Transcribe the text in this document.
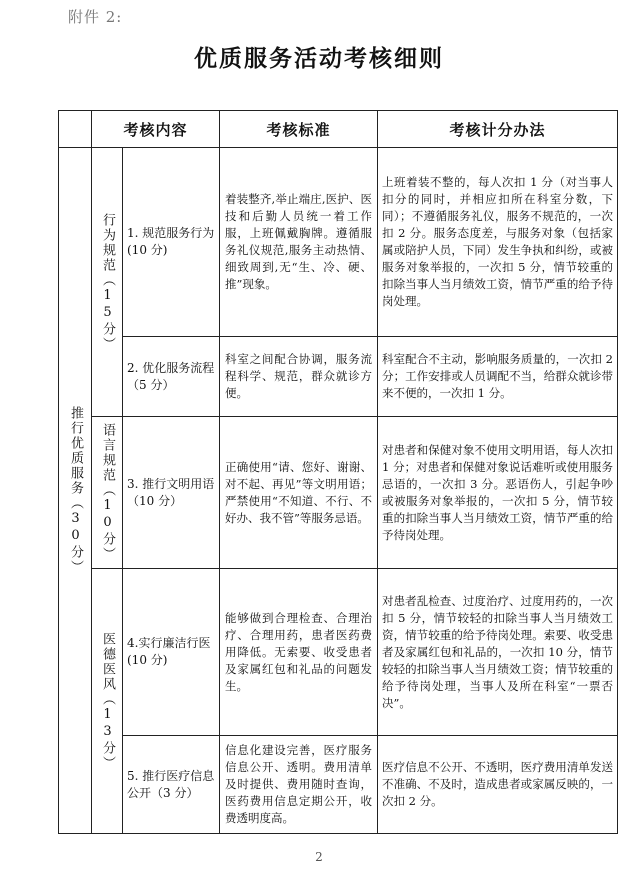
附件 2:
优质服务活动考核细则
	考核内容		考核标准	考核计分办法

推行优质服务（30分）	行为规范（15分）	1. 规范服务行为(10 分)	着装整齐,举止端庄,医护、医技和后勤人员统一着工作服，上班佩戴胸牌。遵循服务礼仪规范,服务主动热情、细致周到,无“生、冷、硬、推”现象。	上班着装不整的，每人次扣 1 分（对当事人扣分的同时，并相应扣所在科室分数，下同）；不遵循服务礼仪，服务不规范的，一次扣 2 分。服务态度差，与服务对象（包括家属或陪护人员，下同）发生争执和纠纷，或被服务对象举报的，一次扣 5 分，情节较重的扣除当事人当月绩效工资，情节严重的给予待岗处理。
		2. 优化服务流程（5 分）	科室之间配合协调，服务流程科学、规范，群众就诊方便。	科室配合不主动，影响服务质量的，一次扣 2 分；工作安排或人员调配不当，给群众就诊带来不便的，一次扣 1 分。

	语言规范（10分）	3. 推行文明用语（10 分）	正确使用“请、您好、谢谢、对不起、再见”等文明用语；严禁使用“不知道、不行、不好办、我不管”等服务忌语。	对患者和保健对象不使用文明用语，每人次扣 1 分；对患者和保健对象说话难听或使用服务忌语的，一次扣 3 分。恶语伤人，引起争吵或被服务对象举报的，一次扣 5 分，情节较重的扣除当事人当月绩效工资，情节严重的给予待岗处理。

	医德医风（13分）	4.实行廉洁行医(10 分)	能够做到合理检查、合理治疗、合理用药，患者医药费用降低。无索要、收受患者及家属红包和礼品的问题发生。	对患者乱检查、过度治疗、过度用药的，一次扣 5 分，情节较轻的扣除当事人当月绩效工资，情节较重的给予待岗处理。索要、收受患者及家属红包和礼品的，一次扣 10 分，情节较轻的扣除当事人当月绩效工资；情节较重的给予待岗处理，当事人及所在科室“一票否决”。
		5. 推行医疗信息公开（3 分）	信息化建设完善，医疗服务信息公开、透明。费用清单及时提供、费用随时查询，医药费用信息定期公开，收费透明度高。	医疗信息不公开、不透明，医疗费用清单发送不准确、不及时，造成患者或家属反映的，一次扣 2 分。
2
